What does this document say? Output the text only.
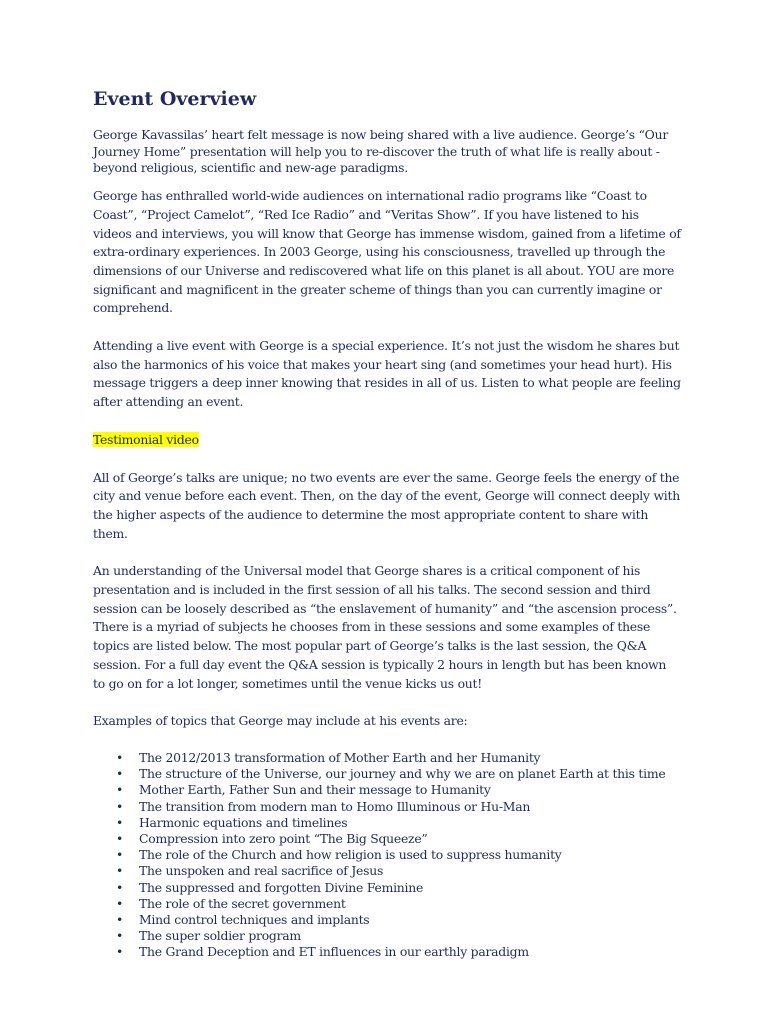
Event Overview

George Kavassilas’ heart felt message is now being shared with a live audience. George’s “Our Journey Home” presentation will help you to re-discover the truth of what life is really about - beyond religious, scientific and new-age paradigms.

George has enthralled world-wide audiences on international radio programs like “Coast to Coast”, “Project Camelot”, “Red Ice Radio” and “Veritas Show”. If you have listened to his videos and interviews, you will know that George has immense wisdom, gained from a lifetime of extra-ordinary experiences. In 2003 George, using his consciousness, travelled up through the dimensions of our Universe and rediscovered what life on this planet is all about. YOU are more significant and magnificent in the greater scheme of things than you can currently imagine or comprehend.

Attending a live event with George is a special experience. It’s not just the wisdom he shares but also the harmonics of his voice that makes your heart sing (and sometimes your head hurt). His message triggers a deep inner knowing that resides in all of us. Listen to what people are feeling after attending an event.

Testimonial video

All of George’s talks are unique; no two events are ever the same. George feels the energy of the city and venue before each event. Then, on the day of the event, George will connect deeply with the higher aspects of the audience to determine the most appropriate content to share with them.

An understanding of the Universal model that George shares is a critical component of his presentation and is included in the first session of all his talks. The second session and third session can be loosely described as “the enslavement of humanity” and “the ascension process”. There is a myriad of subjects he chooses from in these sessions and some examples of these topics are listed below. The most popular part of George’s talks is the last session, the Q&A session. For a full day event the Q&A session is typically 2 hours in length but has been known to go on for a lot longer, sometimes until the venue kicks us out!

Examples of topics that George may include at his events are:

• The 2012/2013 transformation of Mother Earth and her Humanity
• The structure of the Universe, our journey and why we are on planet Earth at this time
• Mother Earth, Father Sun and their message to Humanity
• The transition from modern man to Homo Illuminous or Hu-Man
• Harmonic equations and timelines
• Compression into zero point “The Big Squeeze”
• The role of the Church and how religion is used to suppress humanity
• The unspoken and real sacrifice of Jesus
• The suppressed and forgotten Divine Feminine
• The role of the secret government
• Mind control techniques and implants
• The super soldier program
• The Grand Deception and ET influences in our earthly paradigm
